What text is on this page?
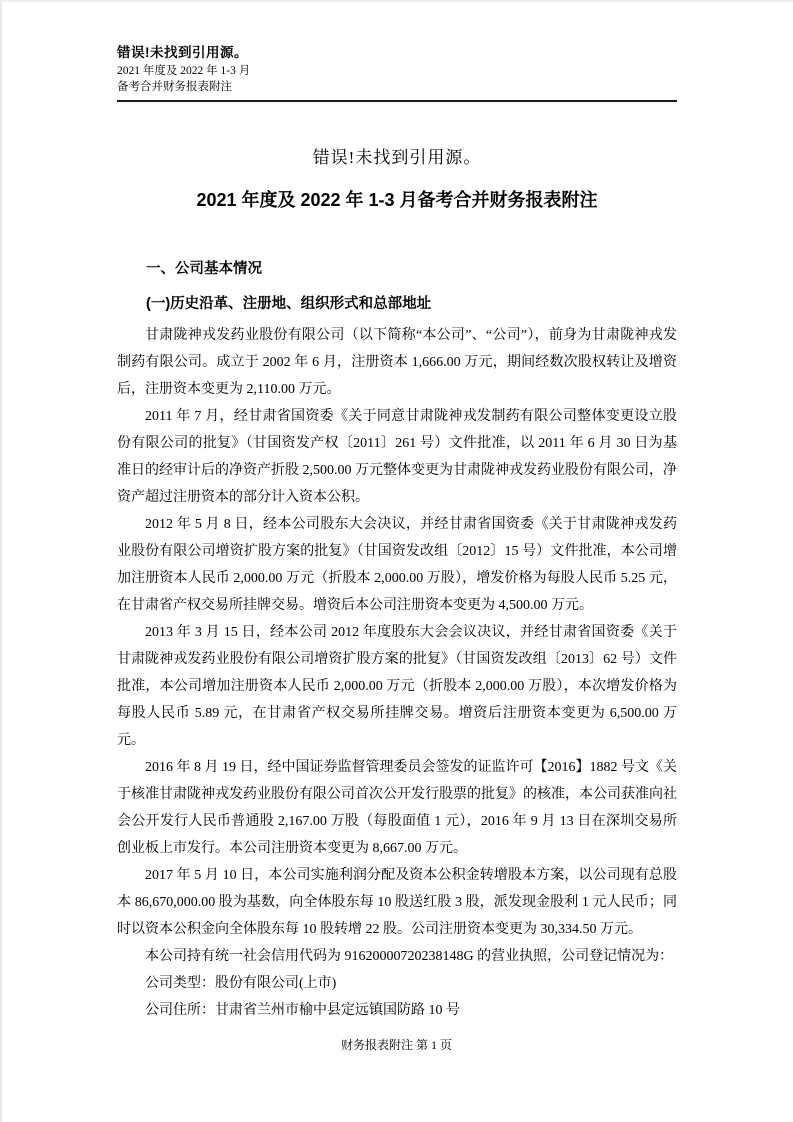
错误!未找到引用源。
2021 年度及 2022 年 1-3 月
备考合并财务报表附注
错误!未找到引用源。
2021 年度及 2022 年 1-3 月备考合并财务报表附注
一、公司基本情况
(一)历史沿革、注册地、组织形式和总部地址

甘肃陇神戎发药业股份有限公司（以下简称“本公司”、“公司”），前身为甘肃陇神戎发制药有限公司。成立于 2002 年 6 月，注册资本 1,666.00 万元，期间经数次股权转让及增资后，注册资本变更为 2,110.00 万元。

2011 年 7 月，经甘肃省国资委《关于同意甘肃陇神戎发制药有限公司整体变更设立股份有限公司的批复》（甘国资发产权〔2011〕261 号）文件批准，以 2011 年 6 月 30 日为基准日的经审计后的净资产折股 2,500.00 万元整体变更为甘肃陇神戎发药业股份有限公司，净资产超过注册资本的部分计入资本公积。

2012 年 5 月 8 日，经本公司股东大会决议，并经甘肃省国资委《关于甘肃陇神戎发药业股份有限公司增资扩股方案的批复》（甘国资发改组〔2012〕15 号）文件批准，本公司增加注册资本人民币 2,000.00 万元（折股本 2,000.00 万股），增发价格为每股人民币 5.25 元，在甘肃省产权交易所挂牌交易。增资后本公司注册资本变更为 4,500.00 万元。

2013 年 3 月 15 日，经本公司 2012 年度股东大会会议决议，并经甘肃省国资委《关于甘肃陇神戎发药业股份有限公司增资扩股方案的批复》（甘国资发改组〔2013〕62 号）文件批准，本公司增加注册资本人民币 2,000.00 万元（折股本 2,000.00 万股），本次增发价格为每股人民币 5.89 元，在甘肃省产权交易所挂牌交易。增资后注册资本变更为 6,500.00 万元。

2016 年 8 月 19 日，经中国证券监督管理委员会签发的证监许可【2016】1882 号文《关于核准甘肃陇神戎发药业股份有限公司首次公开发行股票的批复》的核准，本公司获准向社会公开发行人民币普通股 2,167.00 万股（每股面值 1 元），2016 年 9 月 13 日在深圳交易所创业板上市发行。本公司注册资本变更为 8,667.00 万元。

2017 年 5 月 10 日，本公司实施利润分配及资本公积金转增股本方案，以公司现有总股本 86,670,000.00 股为基数，向全体股东每 10 股送红股 3 股，派发现金股利 1 元人民币；同时以资本公积金向全体股东每 10 股转增 22 股。公司注册资本变更为 30,334.50 万元。

本公司持有统一社会信用代码为 91620000720238148G 的营业执照，公司登记情况为：

公司类型：股份有限公司(上市)

公司住所：甘肃省兰州市榆中县定远镇国防路 10 号

财务报表附注 第 1 页
